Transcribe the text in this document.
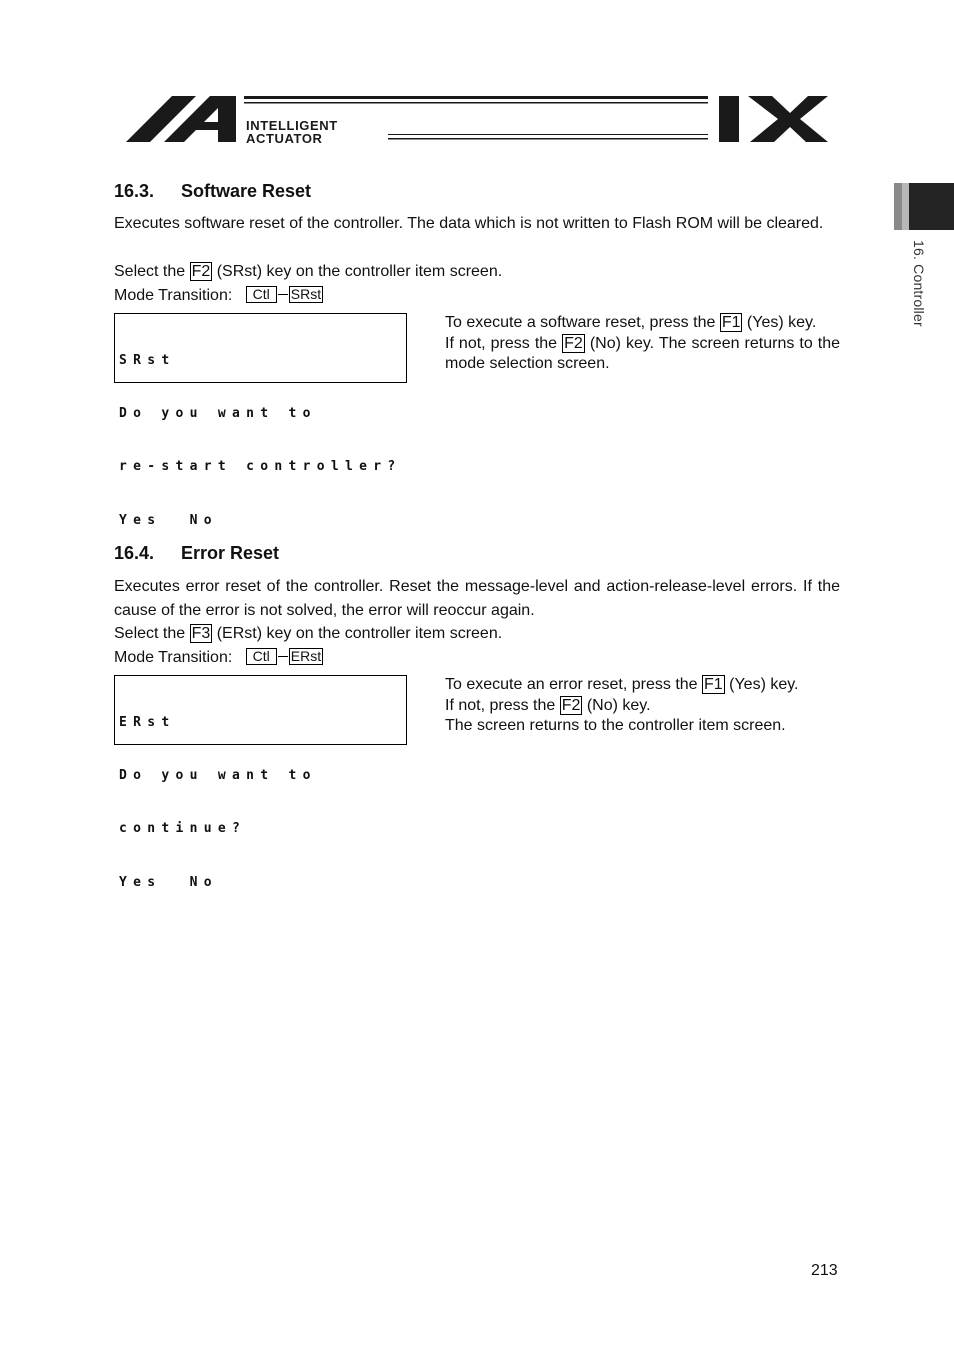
INTELLIGENT
ACTUATOR
16. Controller
16.3. Software Reset

Executes software reset of the controller. The data which is not written to Flash ROM will be cleared.

Select the F2 (SRst) key on the controller item screen.

Mode Transition: Ctl SRst

SRst

Do you want to

re-start controller?

Yes  No

To execute a software reset, press the F1 (Yes) key.

If not, press the F2 (No) key. The screen returns to the mode selection screen.

16.4. Error Reset

Executes error reset of the controller. Reset the message-level and action-release-level errors. If the cause of the error is not solved, the error will reoccur again.

Select the F3 (ERst) key on the controller item screen.

Mode Transition: Ctl ERst

ERst

Do you want to

continue?

Yes  No

To execute an error reset, press the F1 (Yes) key.

If not, press the F2 (No) key.

The screen returns to the controller item screen.

213
